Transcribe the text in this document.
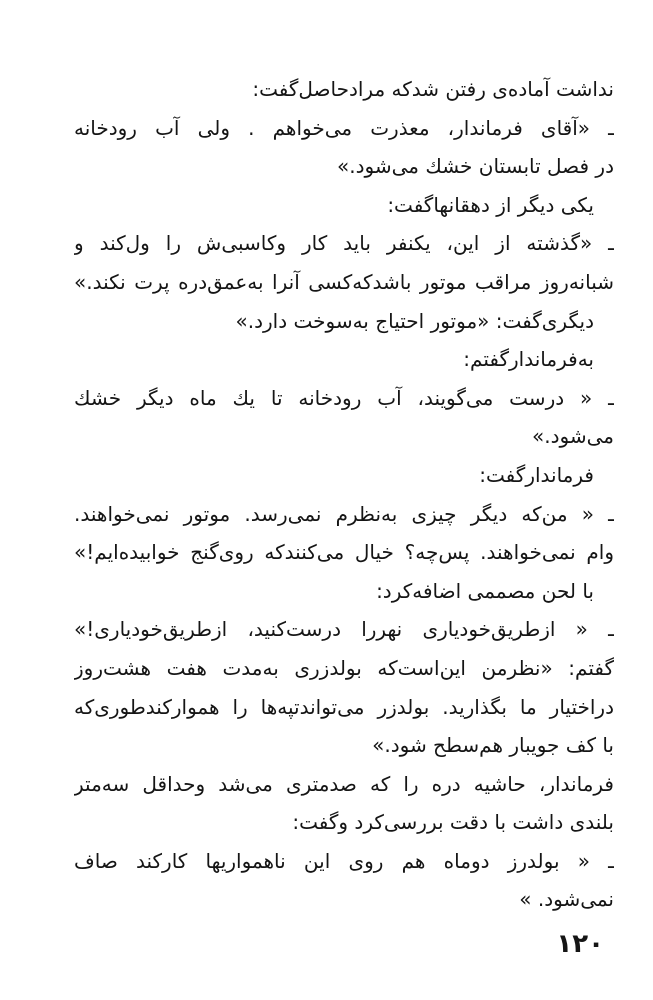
نداشت آماده‌ی رفتن شدکه مرادحاصل‌گفت:
ـ «آقای فرماندار، معذرت می‌خواهم . ولی آب رودخانه
در فصل تابستان خشك می‌شود.»
یکی دیگر از دهقانهاگفت:
ـ «گذشته از این، یکنفر باید کار وکاسبی‌ش را ول‌کند و
شبانه‌روز مراقب موتور باشدکه‌کسی آنرا به‌عمق‌دره پرت نکند.»
دیگری‌گفت: «موتور احتیاج به‌سوخت دارد.»
به‌فرماندار‌گفتم:
ـ « درست می‌گویند، آب رودخانه تا یك ماه دیگر خشك
می‌شود.»
فرماندار‌گفت:
ـ « من‌که دیگر چیزی به‌نظرم نمی‌رسد. موتور نمی‌خواهند.
وام نمی‌خواهند. پس‌چه؟ خیال می‌کنندکه روی‌گنج خوابیده‌ایم!»
با لحن مصممی اضافه‌کرد:
ـ « ازطریق‌خودیاری نهررا درست‌کنید، ازطریق‌خودیاری!»
گفتم: «نظرمن این‌است‌که بولدزری به‌مدت هفت هشت‌روز
دراختیار ما بگذارید. بولدزر می‌تواندتپه‌ها را هموارکندطوری‌که
با کف جویبار هم‌سطح شود.»
فرماندار، حاشیه دره را که صدمتری می‌شد وحداقل سه‌متر
بلندی داشت با دقت بررسی‌کرد وگفت:
ـ « بولدرز دوماه هم روی این ناهمواریها کارکند صاف
نمی‌شود. »
۱۲۰
